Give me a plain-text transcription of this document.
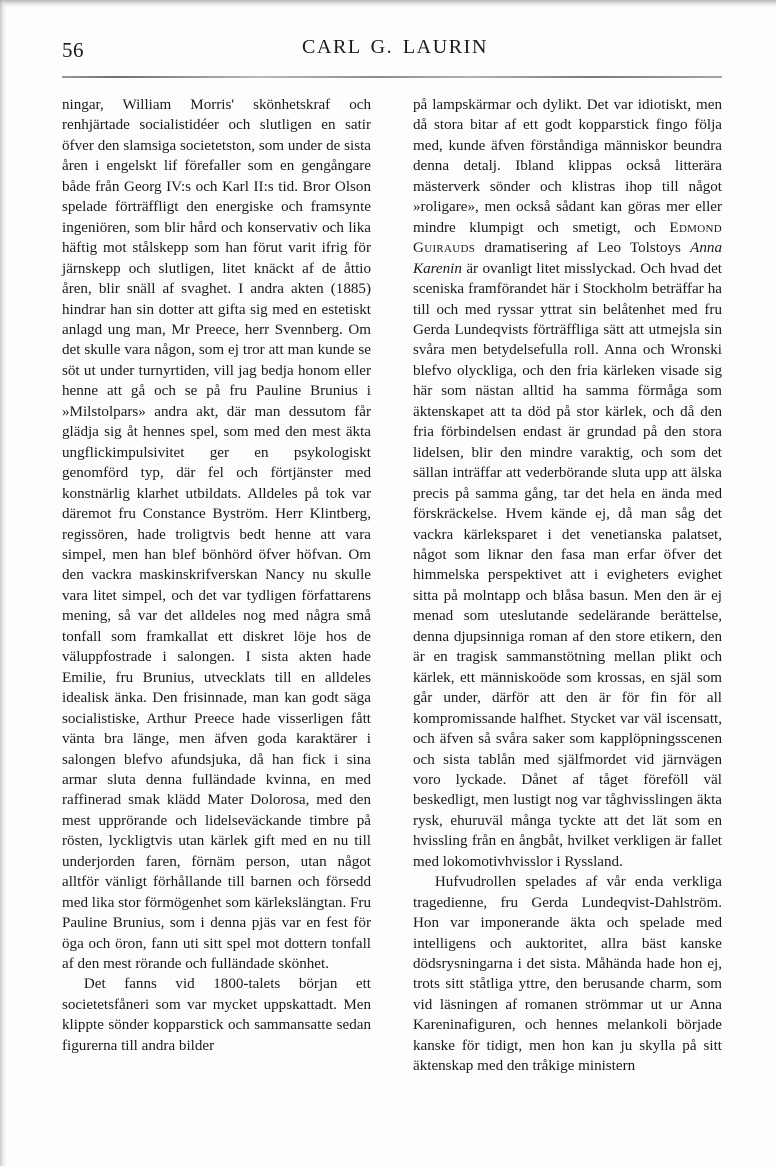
56	CARL G. LAURIN

ningar, William Morris' skönhetskraf och renhjärtade socialistidéer och slutligen en satir öfver den slamsiga societetston, som under de sista åren i engelskt lif förefaller som en gengångare både från Georg IV:s och Karl II:s tid. Bror Olson spelade förträffligt den energiske och framsynte ingeniören, som blir hård och konservativ och lika häftig mot stålskepp som han förut varit ifrig för järnskepp och slutligen, litet knäckt af de åttio åren, blir snäll af svaghet. I andra akten (1885) hindrar han sin dotter att gifta sig med en estetiskt anlagd ung man, Mr Preece, herr Svennberg. Om det skulle vara någon, som ej tror att man kunde se söt ut under turnyrtiden, vill jag bedja honom eller henne att gå och se på fru Pauline Brunius i »Milstolpars» andra akt, där man dessutom får glädja sig åt hennes spel, som med den mest äkta ungflickimpulsivitet ger en psykologiskt genomförd typ, där fel och förtjänster med konstnärlig klarhet utbildats. Alldeles på tok var däremot fru Constance Byström. Herr Klintberg, regissören, hade troligtvis bedt henne att vara simpel, men han blef bönhörd öfver höfvan. Om den vackra maskinskrifverskan Nancy nu skulle vara litet simpel, och det var tydligen författarens mening, så var det alldeles nog med några små tonfall som framkallat ett diskret löje hos de väluppfostrade i salongen. I sista akten hade Emilie, fru Brunius, utvecklats till en alldeles idealisk änka. Den frisinnade, man kan godt säga socialistiske, Arthur Preece hade visserligen fått vänta bra länge, men äfven goda karaktärer i salongen blefvo afundsjuka, då han fick i sina armar sluta denna fulländade kvinna, en med raffinerad smak klädd Mater Dolorosa, med den mest upprörande och lidelseväckande timbre på rösten, lyckligtvis utan kärlek gift med en nu till underjorden faren, förnäm person, utan något alltför vänligt förhållande till barnen och försedd med lika stor förmögenhet som kärlekslängtan. Fru Pauline Brunius, som i denna pjäs var en fest för öga och öron, fann uti sitt spel mot dottern tonfall af den mest rörande och fulländade skönhet.

Det fanns vid 1800-talets början ett societetsfåneri som var mycket uppskattadt. Men klippte sönder kopparstick och sammansatte sedan figurerna till andra bilder

på lampskärmar och dylikt. Det var idiotiskt, men då stora bitar af ett godt kopparstick fingo följa med, kunde äfven förståndiga människor beundra denna detalj. Ibland klippas också litterära mästerverk sönder och klistras ihop till något »roligare», men också sådant kan göras mer eller mindre klumpigt och smetigt, och Edmond Guirauds dramatisering af Leo Tolstoys Anna Karenin är ovanligt litet misslyckad. Och hvad det sceniska framförandet här i Stockholm beträffar ha till och med ryssar yttrat sin belåtenhet med fru Gerda Lundeqvists förträffliga sätt att utmejsla sin svåra men betydelsefulla roll. Anna och Wronski blefvo olyckliga, och den fria kärleken visade sig här som nästan alltid ha samma förmåga som äktenskapet att ta död på stor kärlek, och då den fria förbindelsen endast är grundad på den stora lidelsen, blir den mindre varaktig, och som det sällan inträffar att vederbörande sluta upp att älska precis på samma gång, tar det hela en ända med förskräckelse. Hvem kände ej, då man såg det vackra kärleksparet i det venetianska palatset, något som liknar den fasa man erfar öfver det himmelska perspektivet att i evigheters evighet sitta på molntapp och blåsa basun. Men den är ej menad som uteslutande sedelärande berättelse, denna djupsinniga roman af den store etikern, den är en tragisk sammanstötning mellan plikt och kärlek, ett människoöde som krossas, en själ som går under, därför att den är för fin för all kompromissande halfhet. Stycket var väl iscensatt, och äfven så svåra saker som kapplöpningsscenen och sista tablån med själfmordet vid järnvägen voro lyckade. Dånet af tåget föreföll väl beskedligt, men lustigt nog var tåghvisslingen äkta rysk, ehuruväl många tyckte att det lät som en hvissling från en ångbåt, hvilket verkligen är fallet med lokomotivhvisslor i Ryssland.

Hufvudrollen spelades af vår enda verkliga tragedienne, fru Gerda Lundeqvist-Dahlström. Hon var imponerande äkta och spelade med intelligens och auktoritet, allra bäst kanske dödsrysningarna i det sista. Måhända hade hon ej, trots sitt ståtliga yttre, den berusande charm, som vid läsningen af romanen strömmar ut ur Anna Kareninafiguren, och hennes melankoli började kanske för tidigt, men hon kan ju skylla på sitt äktenskap med den tråkige ministern
